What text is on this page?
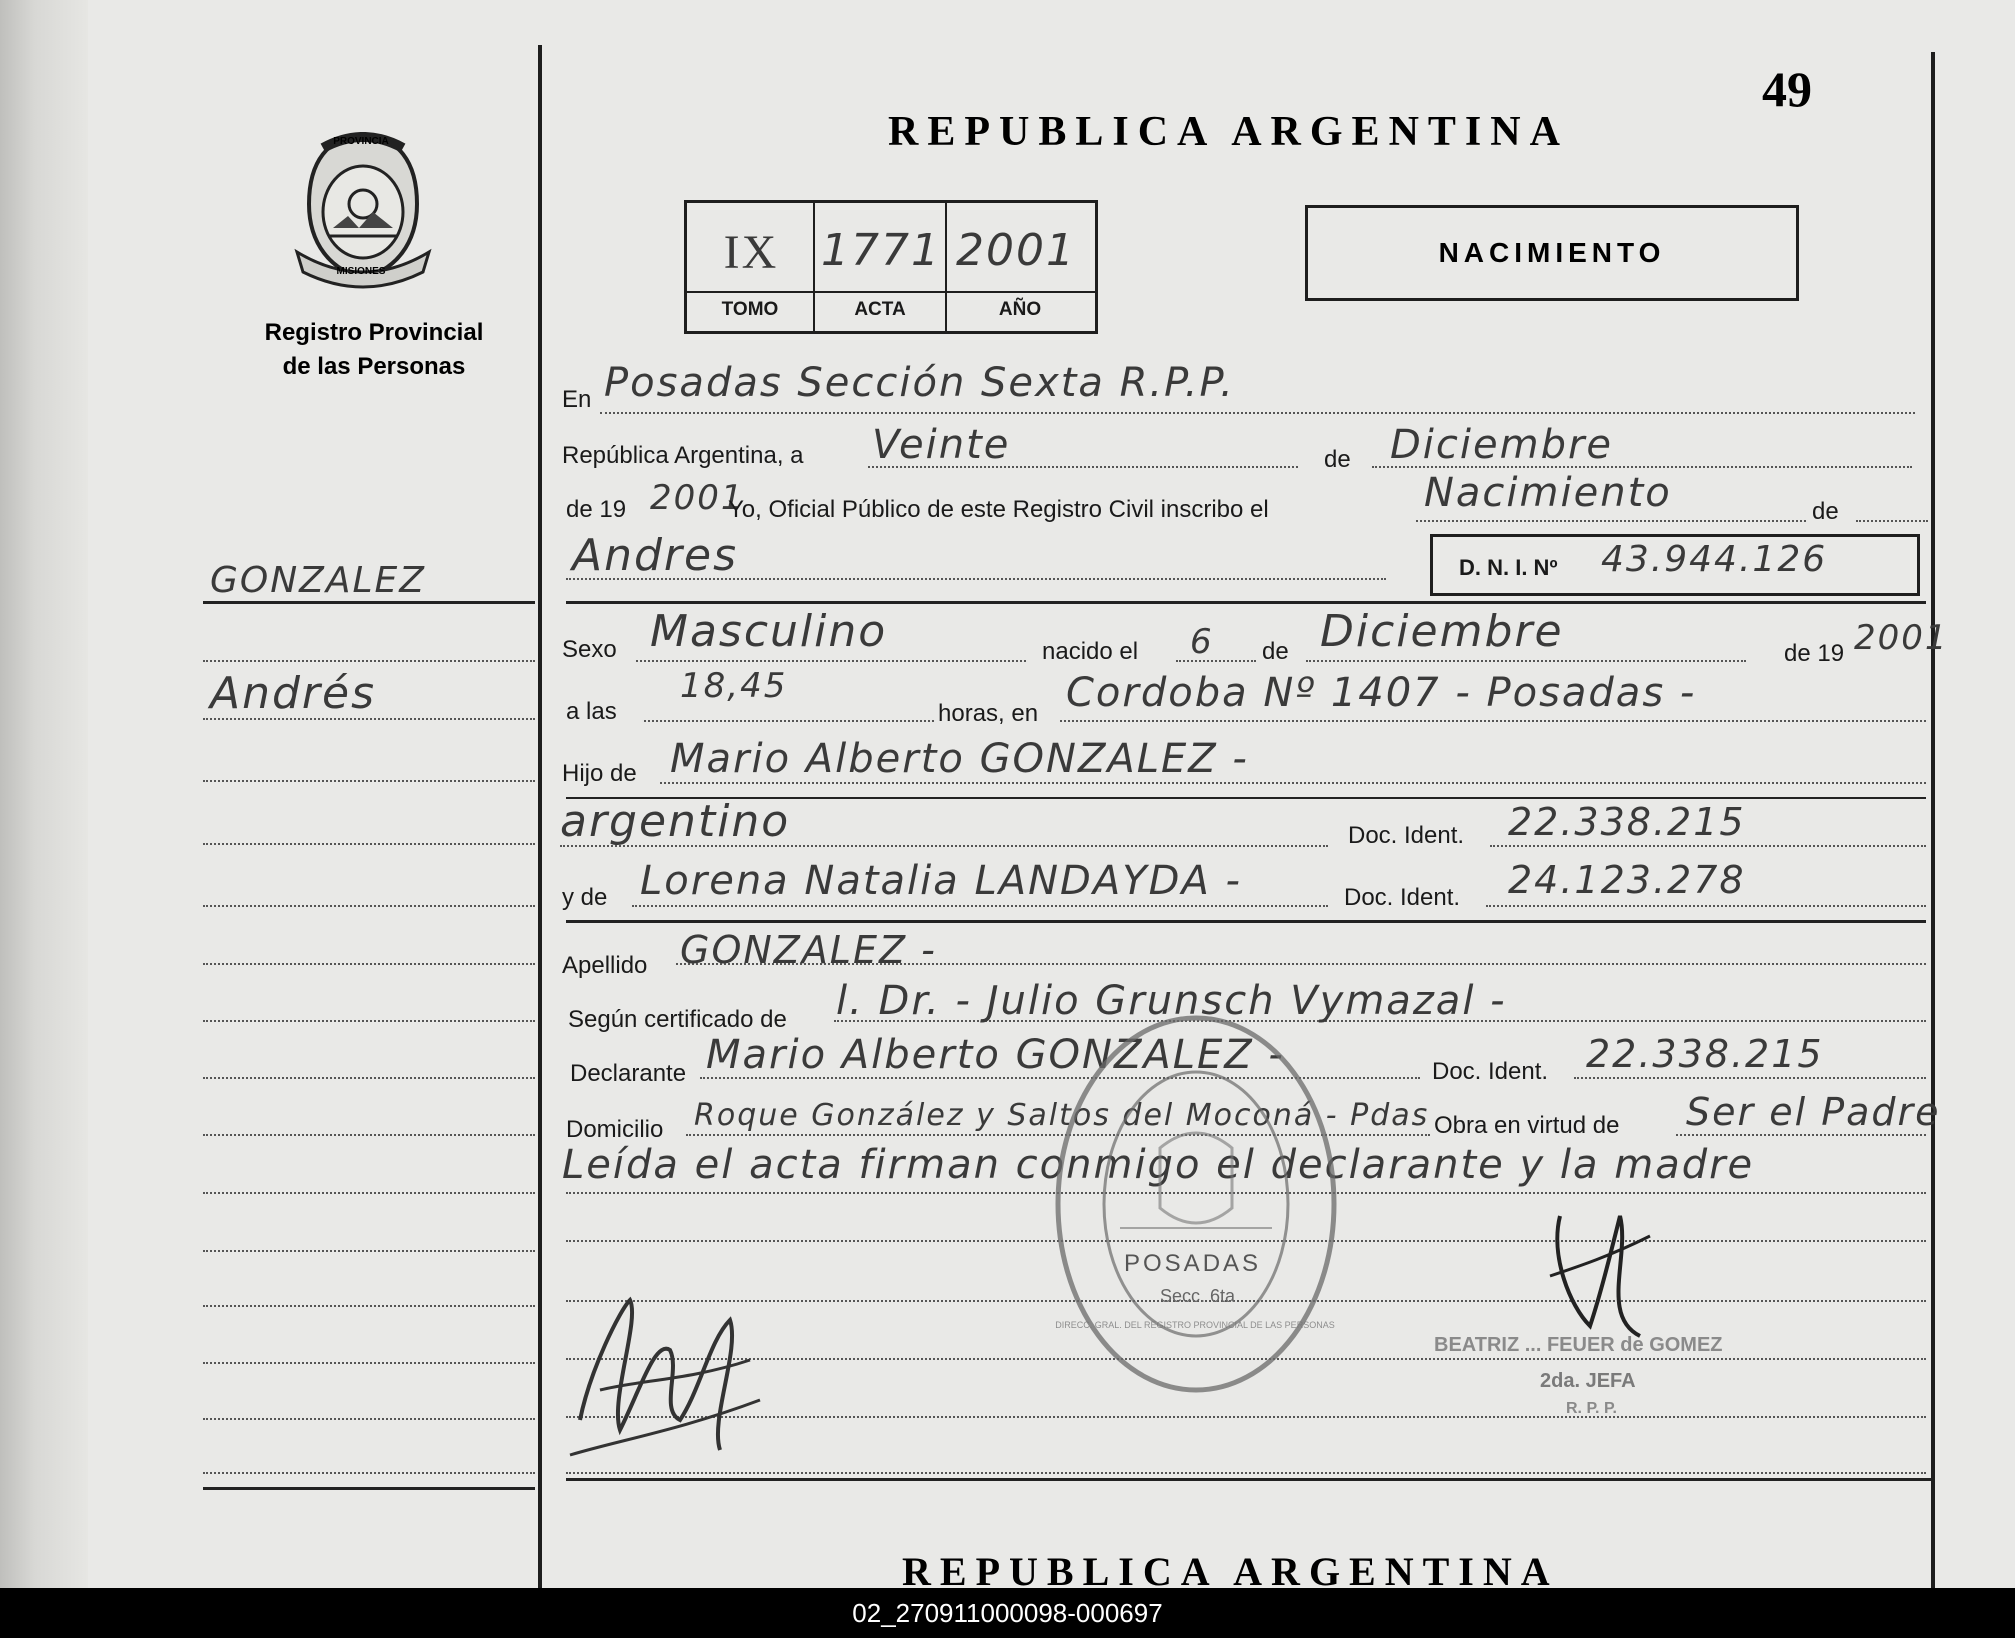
49
REPUBLICA ARGENTINA
PROVINCIA
MISIONES
Registro Provincial
de las Personas
GONZALEZ
Andrés
IX 1771 2001
TOMO	ACTA	AÑO
NACIMIENTO
En Posadas Sección Sexta R.P.P.
República Argentina, a Veinte	de Diciembre
de 19 2001
Yo, Oficial Público de este Registro Civil inscribo el	Nacimiento	de
Andres	D. N. I. Nº 43.944.126
Sexo Masculino	nacido el 6 de Diciembre	de 19 2001
a las
18,45
horas, en Cordoba Nº 1407 - Posadas -
Hijo de Mario Alberto GONZALEZ -
argentino	Doc. Ident. 22.338.215
y de Lorena Natalia LANDAYDA -	Doc. Ident. 24.123.278
Apellido GONZALEZ -
Según certificado de l. Dr. - Julio Grunsch Vymazal -
Declarante Mario Alberto GONZALEZ -	Doc. Ident. 22.338.215
Domicilio Roque González y Saltos del Moconá - Pdas Obra en virtud de Ser el Padre
Leída el acta firman conmigo el declarante y la madre
POSADAS
Secc. 6ta
DIRECC. GRAL. DEL REGISTRO PROVINCIAL DE LAS PERSONAS
BEATRIZ ... FEUER de GOMEZ
2da. JEFA
R. P. P.
REPUBLICA ARGENTINA
02_270911000098-000697
